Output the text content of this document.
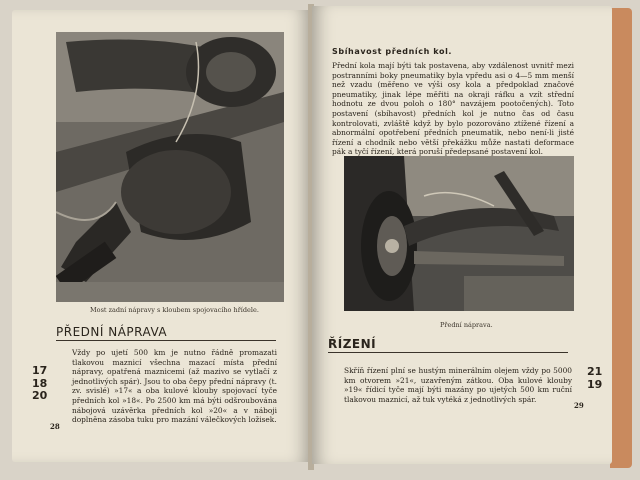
Most zadní nápravy s kloubem spojovacího hřídele.
PŘEDNÍ NÁPRAVA
17
18
20
Vždy po ujetí 500 km je nutno řádně promazati tlakovou maznicí všechna mazací místa přední nápravy, opatřená maznicemi (až mazivo se vytlačí z jednotlivých spár). Jsou to oba čepy přední nápravy (t. zv. svislé) »17« a oba kulové klouby spojovací tyče předních kol »18«. Po 2500 km má býti odšroubována nábojová uzávěrka předních kol »20« a v náboji doplněna zásoba tuku pro mazání válečkových ložisek.
28
Sbíhavost předních kol.
Přední kola mají býti tak postavena, aby vzdálenost uvnitř mezi postranními boky pneumatiky byla vpředu asi o 4—5 mm menší než vzadu (měřeno ve výši osy kola a předpoklad značové pneumatiky, jinak lépe měřiti na okraji ráfku a vzít střední hodnotu ze dvou poloh o 180° navzájem pootočených). Toto postavení (sbíhavost) předních kol je nutno čas od času kontrolovati, zvláště když by bylo pozorováno ztížené řízení a abnormální opotřebení předních pneumatik, nebo není-li jisté řízení a chodník nebo větší překážku může nastati deformace pák a tyčí řízení, která poruší předepsané postavení kol.
Přední náprava.
ŘÍZENÍ
Skříň řízení plní se hustým minerálním olejem vždy po 5000 km otvorem »21«, uzavřeným zátkou. Oba kulové klouby »19« řídicí tyče mají býti mazány po ujetých 500 km ruční tlakovou maznicí, až tuk vytéká z jednotlivých spár.
21
19
29
